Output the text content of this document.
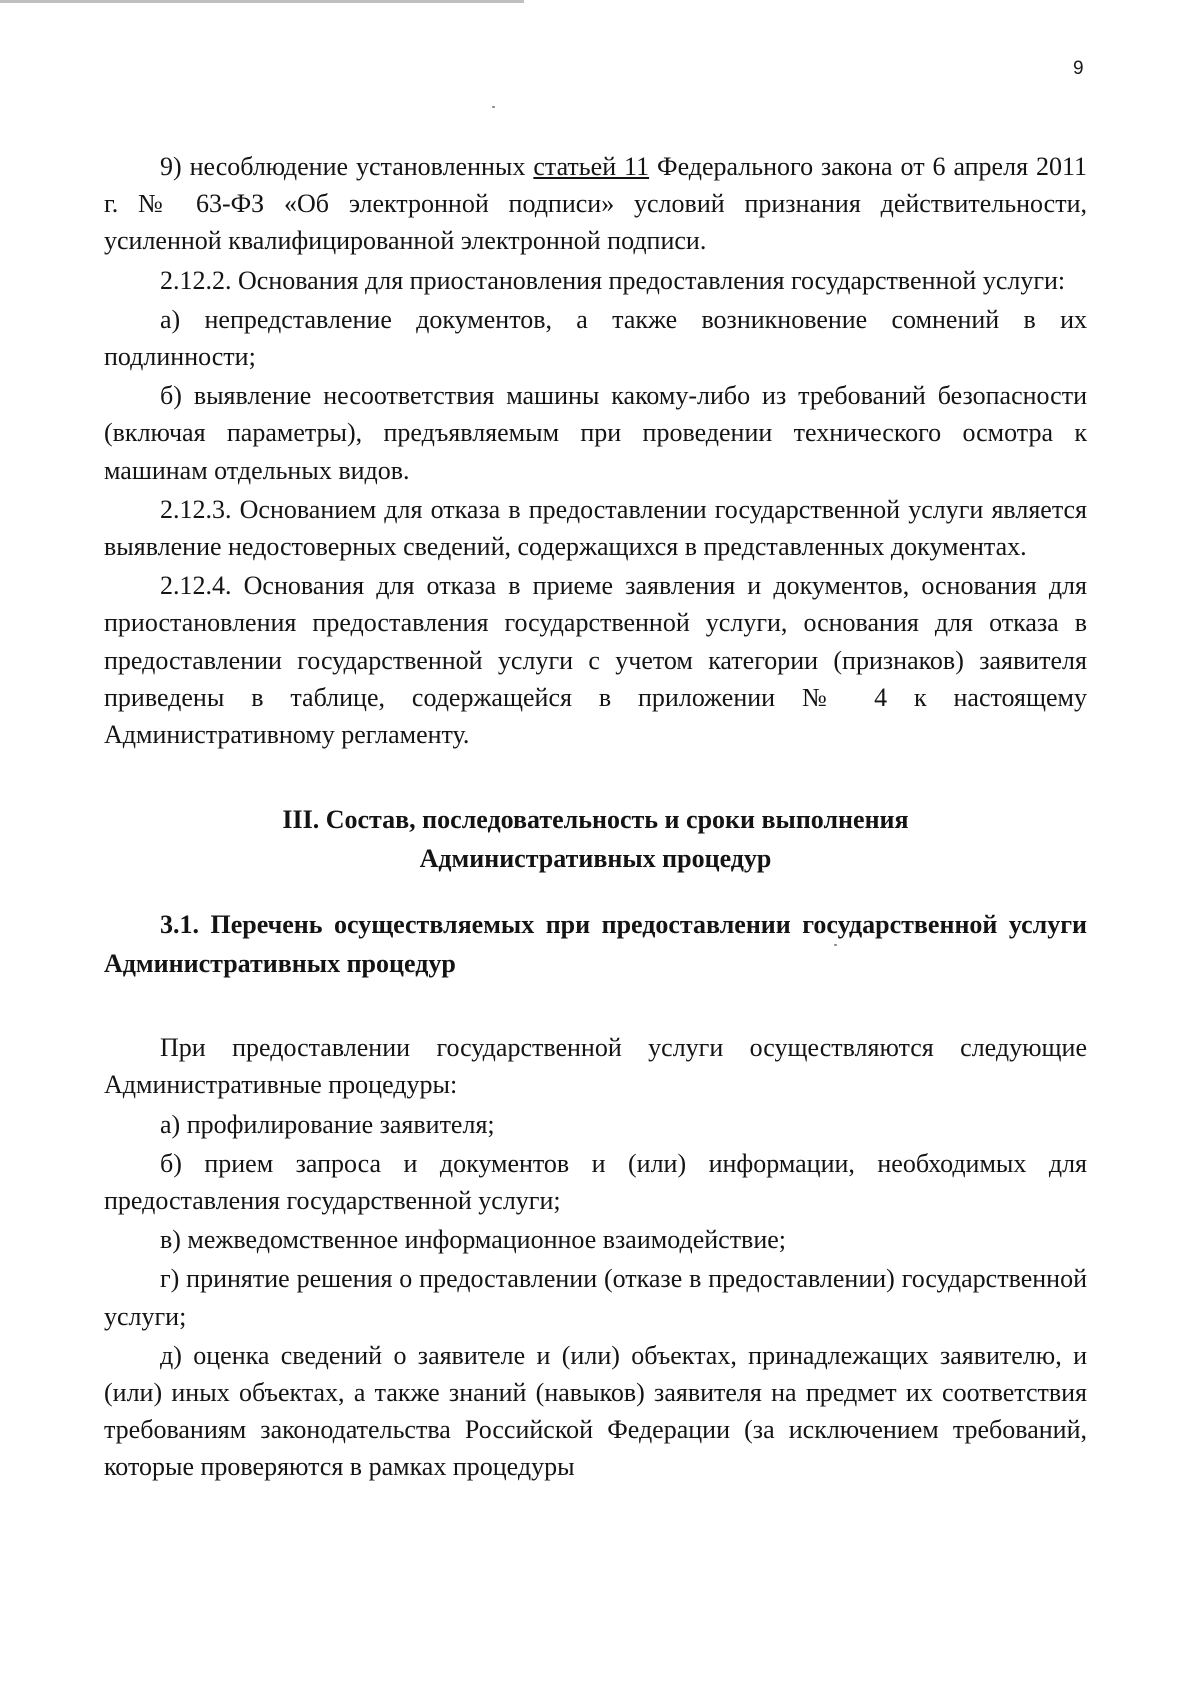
9

9) несоблюдение установленных статьей 11 Федерального закона от 6 апреля 2011 г. № 63-ФЗ «Об электронной подписи» условий признания действительности, усиленной квалифицированной электронной подписи.

2.12.2. Основания для приостановления предоставления государственной услуги:

а) непредставление документов, а также возникновение сомнений в их подлинности;

б) выявление несоответствия машины какому-либо из требований безопасности (включая параметры), предъявляемым при проведении технического осмотра к машинам отдельных видов.

2.12.3. Основанием для отказа в предоставлении государственной услуги является выявление недостоверных сведений, содержащихся в представленных документах.

2.12.4. Основания для отказа в приеме заявления и документов, основания для приостановления предоставления государственной услуги, основания для отказа в предоставлении государственной услуги с учетом категории (признаков) заявителя приведены в таблице, содержащейся в приложении № 4 к настоящему Административному регламенту.

III. Состав, последовательность и сроки выполнения
Административных процедур
3.1. Перечень осуществляемых при предоставлении государственной услуги Административных процедур

При предоставлении государственной услуги осуществляются следующие Административные процедуры:

а) профилирование заявителя;

б) прием запроса и документов и (или) информации, необходимых для предоставления государственной услуги;

в) межведомственное информационное взаимодействие;

г) принятие решения о предоставлении (отказе в предоставлении) государственной услуги;

д) оценка сведений о заявителе и (или) объектах, принадлежащих заявителю, и (или) иных объектах, а также знаний (навыков) заявителя на предмет их соответствия требованиям законодательства Российской Федерации (за исключением требований, которые проверяются в рамках процедуры
